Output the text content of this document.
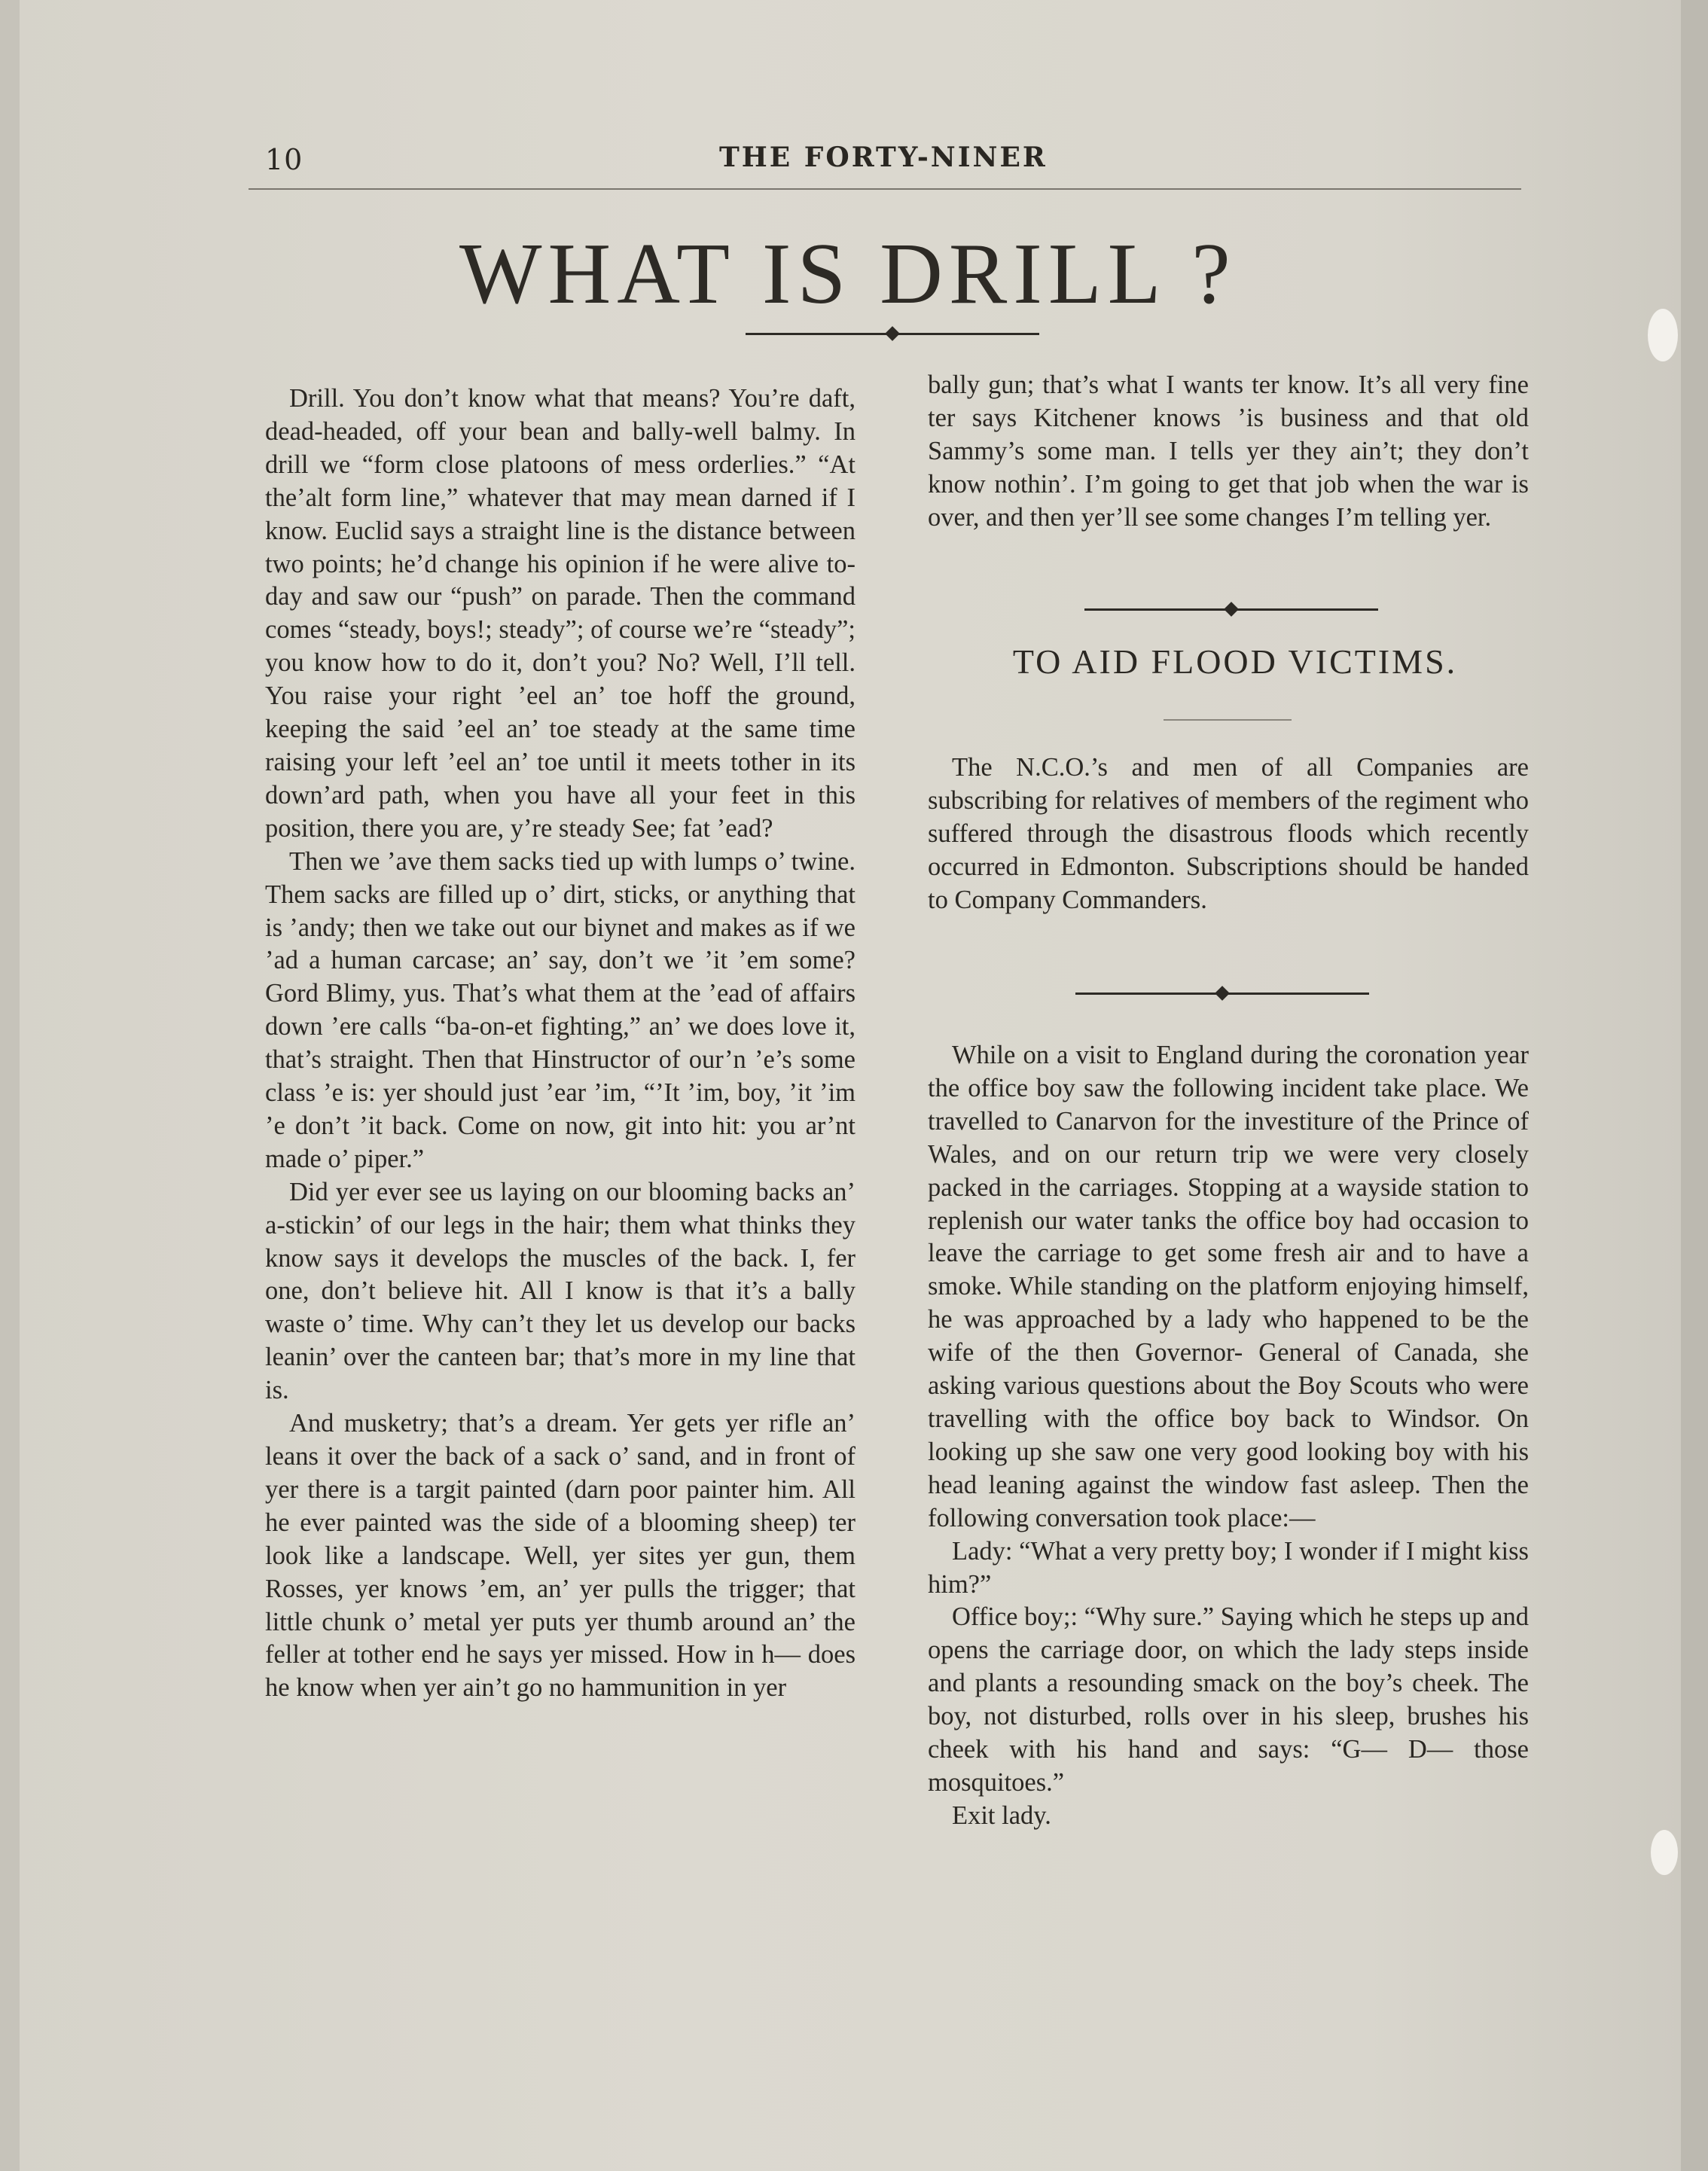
10	THE FORTY-NINER
WHAT IS DRILL ?

Drill. You don’t know what that means? You’re daft, dead-headed, off your bean and bally-well balmy. In drill we “form close platoons of mess orderlies.” “At the’alt form line,” whatever that may mean darned if I know. Euclid says a straight line is the distance between two points; he’d change his opinion if he were alive to-day and saw our “push” on parade. Then the command comes “steady, boys!; steady”; of course we’re “steady”; you know how to do it, don’t you? No? Well, I’ll tell. You raise your right ’eel an’ toe hoff the ground, keeping the said ’eel an’ toe steady at the same time raising your left ’eel an’ toe until it meets tother in its down’ard path, when you have all your feet in this position, there you are, y’re steady See; fat ’ead?

Then we ’ave them sacks tied up with lumps o’ twine. Them sacks are filled up o’ dirt, sticks, or anything that is ’andy; then we take out our biynet and makes as if we ’ad a human carcase; an’ say, don’t we ’it ’em some? Gord Blimy, yus. That’s what them at the ’ead of affairs down ’ere calls “ba-on-et fighting,” an’ we does love it, that’s straight. Then that Hinstructor of our’n ’e’s some class ’e is: yer should just ’ear ’im, “’It ’im, boy, ’it ’im ’e don’t ’it back. Come on now, git into hit: you ar’nt made o’ piper.”

Did yer ever see us laying on our blooming backs an’ a-stickin’ of our legs in the hair; them what thinks they know says it develops the muscles of the back. I, fer one, don’t believe hit. All I know is that it’s a bally waste o’ time. Why can’t they let us develop our backs leanin’ over the canteen bar; that’s more in my line that is.

And musketry; that’s a dream. Yer gets yer rifle an’ leans it over the back of a sack o’ sand, and in front of yer there is a targit painted (darn poor painter him. All he ever painted was the side of a blooming sheep) ter look like a landscape. Well, yer sites yer gun, them Rosses, yer knows ’em, an’ yer pulls the trigger; that little chunk o’ metal yer puts yer thumb around an’ the feller at tother end he says yer missed. How in h— does he know when yer ain’t go no hammunition in yer

bally gun; that’s what I wants ter know. It’s all very fine ter says Kitchener knows ’is business and that old Sammy’s some man. I tells yer they ain’t; they don’t know nothin’. I’m going to get that job when the war is over, and then yer’ll see some changes I’m telling yer.

TO AID FLOOD VICTIMS.

The N.C.O.’s and men of all Companies are subscribing for relatives of members of the regiment who suffered through the disastrous floods which recently occurred in Edmonton. Subscriptions should be handed to Company Commanders.

While on a visit to England during the coronation year the office boy saw the following incident take place. We travelled to Canarvon for the investiture of the Prince of Wales, and on our return trip we were very closely packed in the carriages. Stopping at a wayside station to replenish our water tanks the office boy had occasion to leave the carriage to get some fresh air and to have a smoke. While standing on the platform enjoying himself, he was approached by a lady who happened to be the wife of the then Governor- General of Canada, she asking various questions about the Boy Scouts who were travelling with the office boy back to Windsor. On looking up she saw one very good looking boy with his head leaning against the window fast asleep. Then the following conversation took place:—

Lady: “What a very pretty boy; I wonder if I might kiss him?”

Office boy;: “Why sure.” Saying which he steps up and opens the carriage door, on which the lady steps inside and plants a resounding smack on the boy’s cheek. The boy, not disturbed, rolls over in his sleep, brushes his cheek with his hand and says: “G— D— those mosquitoes.”

Exit lady.
